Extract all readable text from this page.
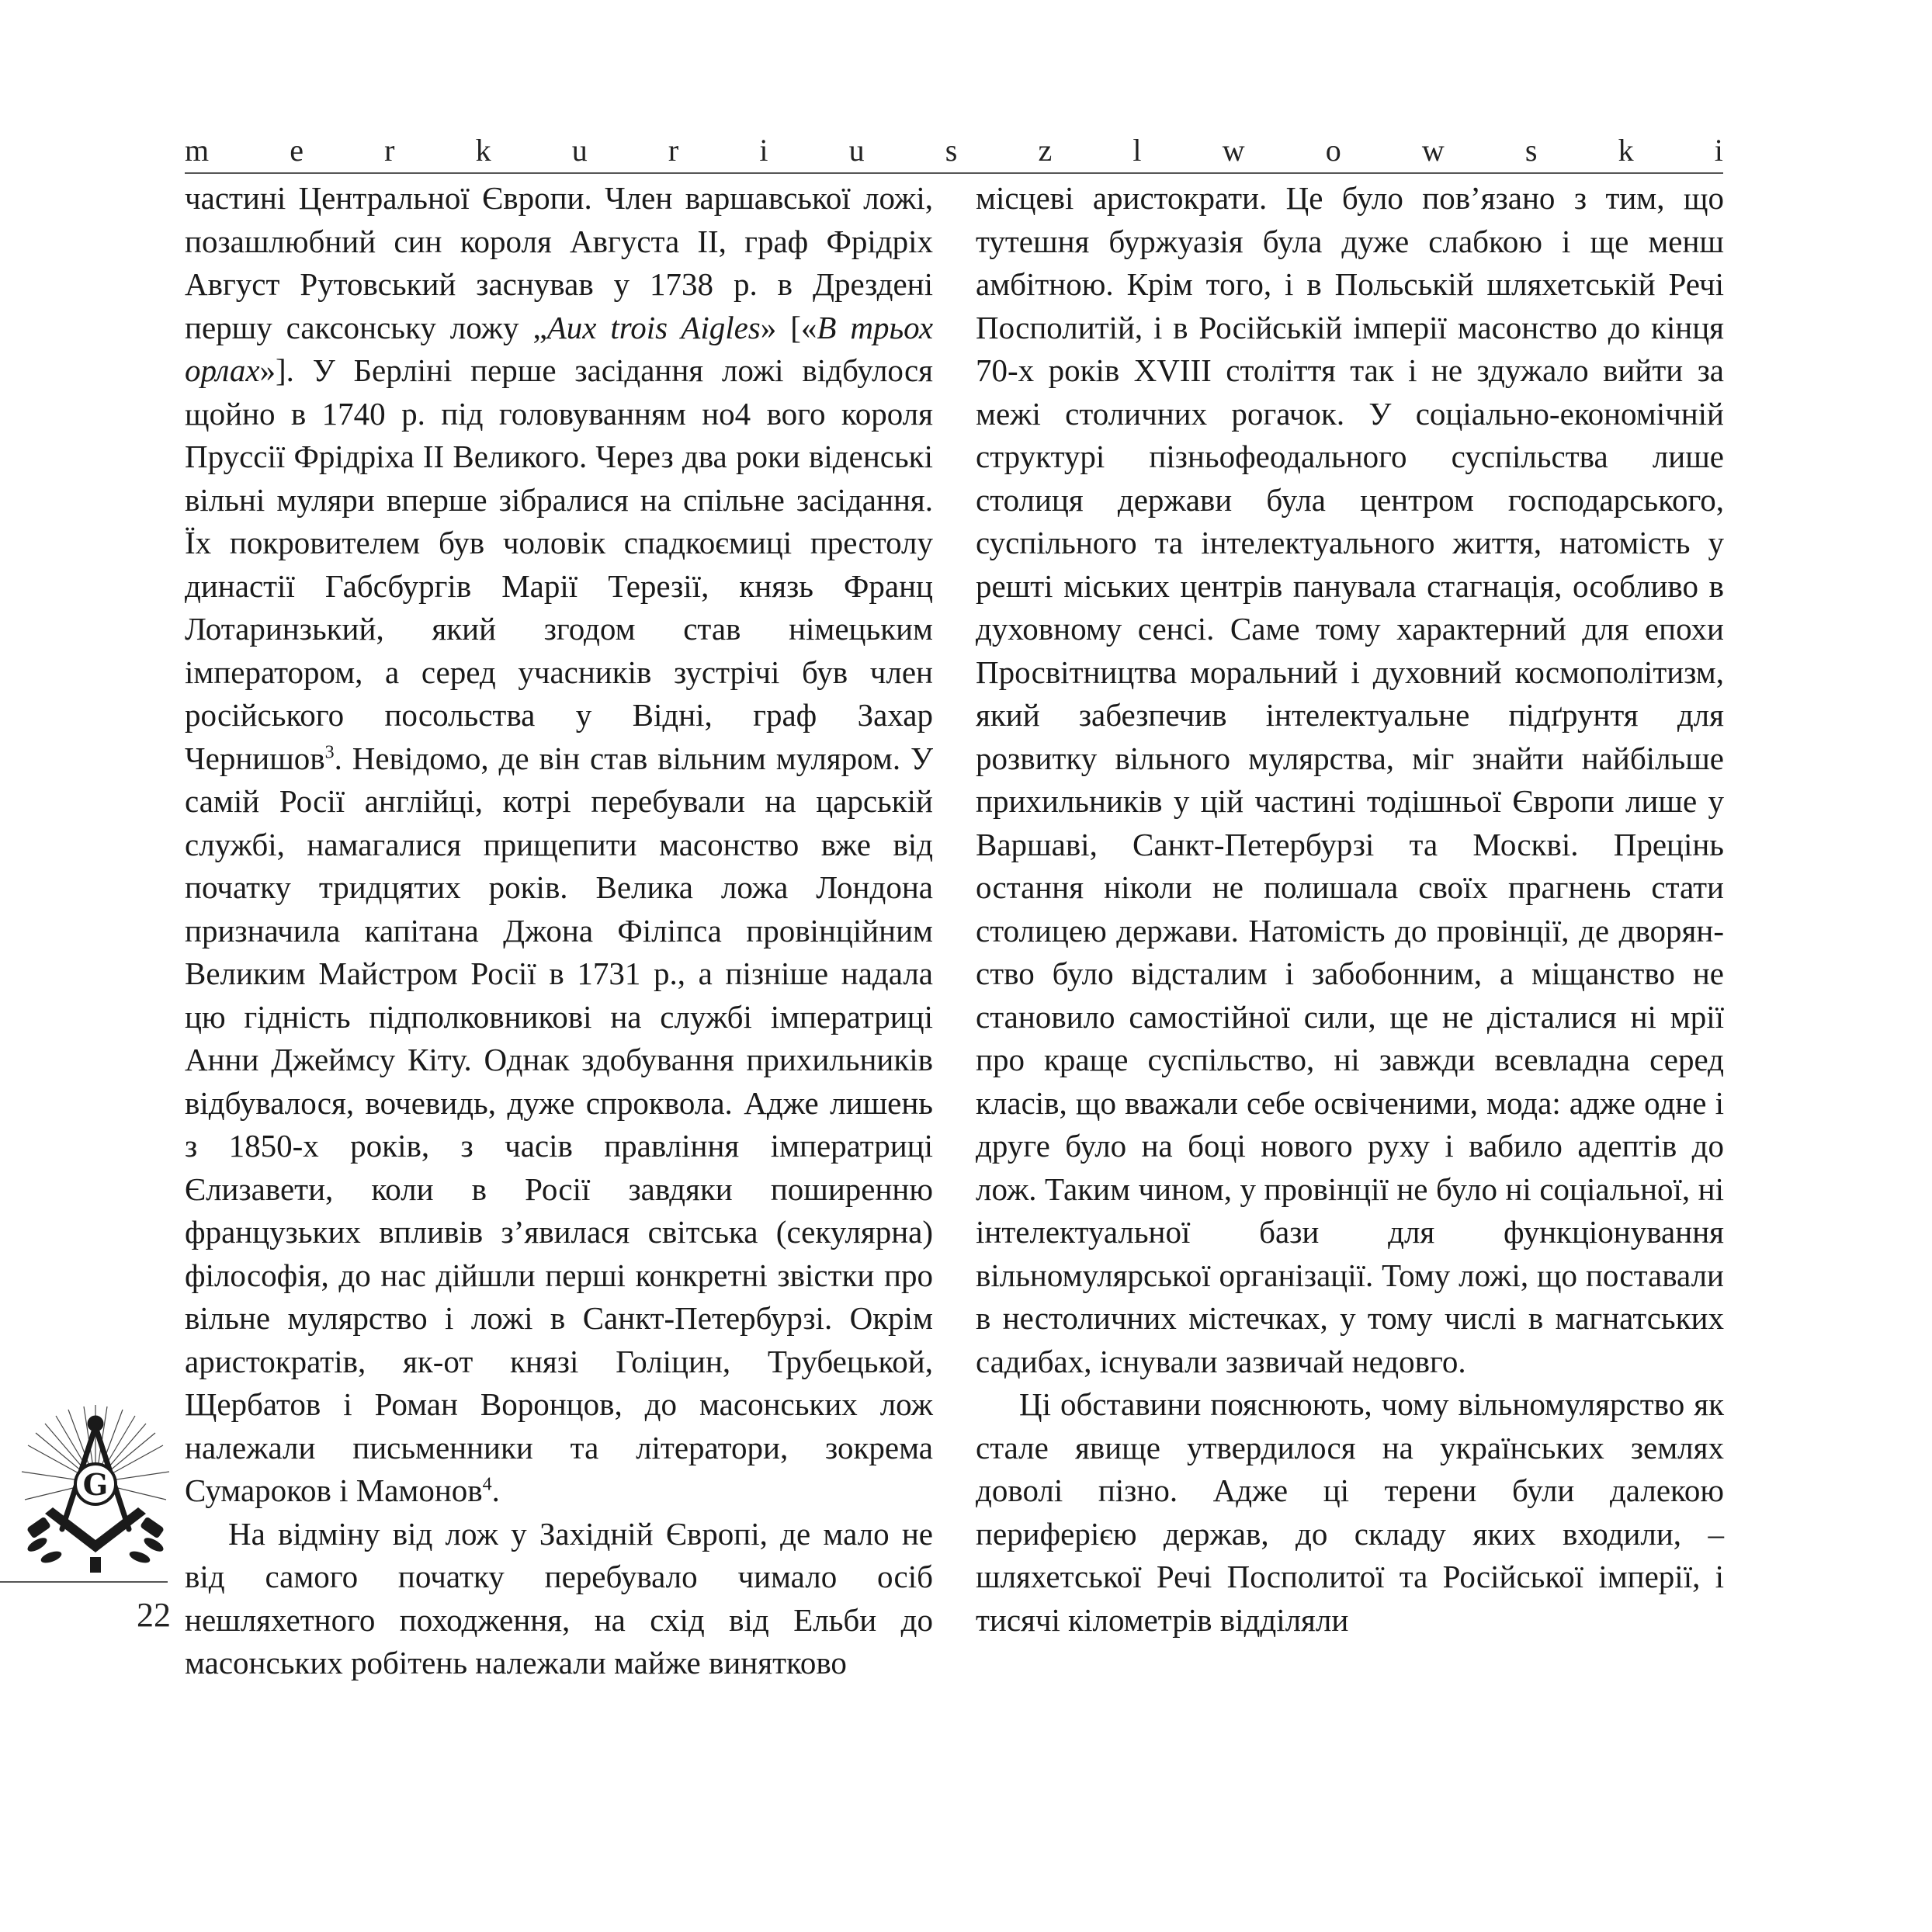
m	e	r	k	u	r	i	u	s	z	l	w	o	w	s	k	i

частині Центральної Європи. Член варшавської ложі, позашлюбний син короля Августа ІІ, граф Фрідріх Август Рутовський заснував у 1738 р. в Дрездені першу саксонську ложу „Aux trois Aigles» [«В трьох орлах»]. У Берліні перше засідання ложі відбулося щойно в 1740 р. під головуванням но4 вого короля Пруссії Фрідріха ІІ Великого. Через два роки віденські вільні муляри вперше зібралися на спільне засідання. Їх покровителем був чоловік спадкоємиці престолу династії Габсбургів Марії Терезії, князь Франц Лотаринзький, який згодом став німецьким імператором, а серед учасників зустрічі був член російського посольства у Відні, граф Захар Чернишов$^3$. Невідомо, де він став вільним муляром. У самій Росії англійці, котрі перебували на царській службі, намагалися прищепити масонство вже від початку тридцятих років. Велика ложа Лондона призначила капітана Джона Філіпса провінційним Великим Майстром Росії в 1731 р., а пізніше надала цю гідність підполковникові на службі імператриці Анни Джеймсу Кіту. Однак здобування прихильників відбувалося, вочевидь, дуже спроквола. Адже лишень з 1850-х років, з часів правління імператриці Єлизавети, коли в Росії завдяки поширенню французьких впливів з’явилася світська (секулярна) філософія, до нас дійшли перші конкретні звістки про вільне мулярство і ложі в Санкт-Петербурзі. Окрім аристократів, як-от князі Голіцин, Трубецькой, Щербатов і Роман Воронцов, до масонських лож належали письменники та літератори, зокрема Сумароков і Мамонов$^4$.

На відміну від лож у Західній Європі, де мало не від самого початку перебувало чимало осіб нешляхетного походження, на схід від Ельби до масонських робітень належали майже винятково

місцеві аристократи. Це було пов’язано з тим, що тутешня буржуазія була дуже слабкою і ще менш амбітною. Крім того, і в Польській шляхетській Речі Посполитій, і в Російській імперії масонство до кінця 70-х років XVIII століття так і не здужало вийти за межі столичних рогачок. У соціально-економічній структурі пізньофеодального суспільства лише столиця держави була центром господарського, суспільного та інтелектуального життя, натомість у решті міських центрів панувала стагнація, особливо в духовному сенсі. Саме тому характерний для епохи Просвітництва моральний і духовний космополітизм, який забезпечив інтелектуальне підґрунтя для розвитку вільного мулярства, міг знайти найбільше прихильників у цій частині тодішньої Європи лише у Варшаві, Санкт-Петербурзі та Москві. Прецінь остання ніколи не полишала своїх прагнень стати столицею держави. Натомість до провінції, де дворянство було відсталим і забобонним, а міщанство не становило самостійної сили, ще не дісталися ні мрії про краще суспільство, ні завжди всевладна серед класів, що вважали себе освіченими, мода: адже одне і друге було на боці нового руху і вабило адептів до лож. Таким чином, у провінції не було ні соціальної, ні інтелектуальної бази для функціонування вільномулярської організації. Тому ложі, що поставали в нестоличних містечках, у тому числі в магнатських садибах, існували зазвичай недовго.

Ці обставини пояснюють, чому вільномулярство як стале явище утвердилося на українських землях доволі пізно. Адже ці терени були далекою периферією держав, до складу яких входили, – шляхетської Речі Посполитої та Російської імперії, і тисячі кілометрів відділяли

G
22
